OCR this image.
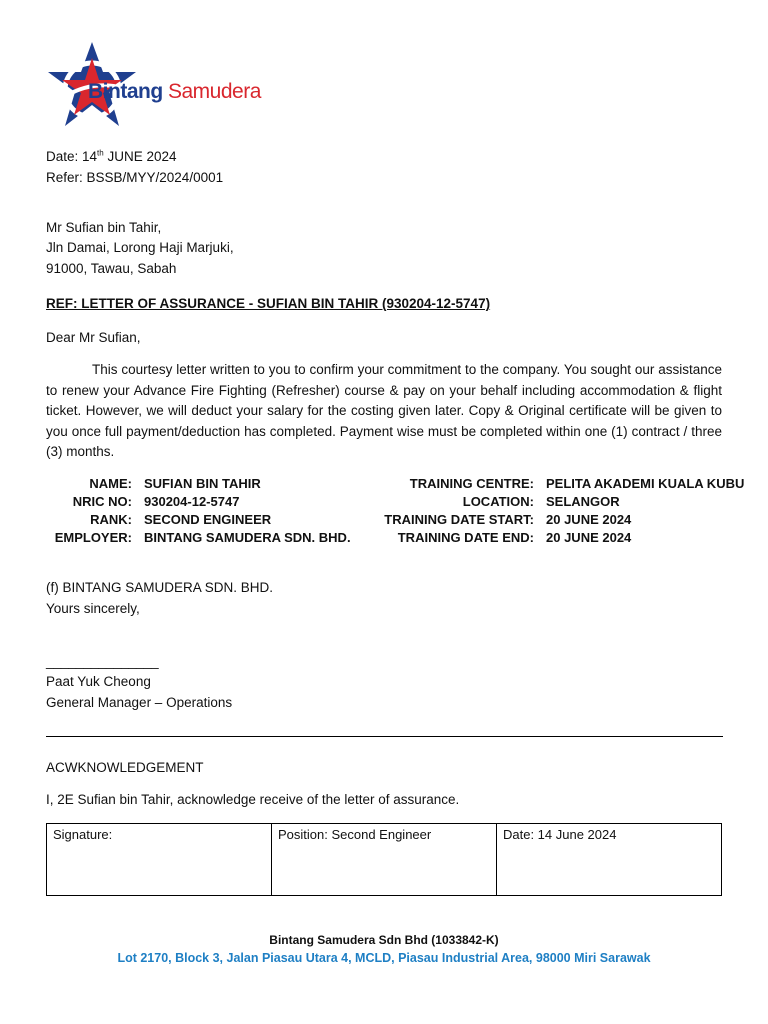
Bintang Samudera
Date: 14th JUNE 2024
Refer: BSSB/MYY/2024/0001
Mr Sufian bin Tahir,
Jln Damai, Lorong Haji Marjuki,
91000, Tawau, Sabah
REF: LETTER OF ASSURANCE - SUFIAN BIN TAHIR (930204-12-5747)
Dear Mr Sufian,
This courtesy letter written to you to confirm your commitment to the company. You sought our assistance to renew your Advance Fire Fighting (Refresher) course & pay on your behalf including accommodation & flight ticket. However, we will deduct your salary for the costing given later. Copy & Original certificate will be given to you once full payment/deduction has completed. Payment wise must be completed within one (1) contract / three (3) months.
NAME: SUFIAN BIN TAHIR
NRIC NO: 930204-12-5747
RANK: SECOND ENGINEER
EMPLOYER: BINTANG SAMUDERA SDN. BHD.
TRAINING CENTRE: PELITA AKADEMI KUALA KUBU
LOCATION: SELANGOR
TRAINING DATE START: 20 JUNE 2024
TRAINING DATE END: 20 JUNE 2024
(f) BINTANG SAMUDERA SDN. BHD.
Yours sincerely,
_______________
Paat Yuk Cheong
General Manager – Operations
ACWKNOWLEDGEMENT
I, 2E Sufian bin Tahir, acknowledge receive of the letter of assurance.
Signature:	Position: Second Engineer	Date: 14 June 2024
Bintang Samudera Sdn Bhd (1033842-K)
Lot 2170, Block 3, Jalan Piasau Utara 4, MCLD, Piasau Industrial Area, 98000 Miri Sarawak
